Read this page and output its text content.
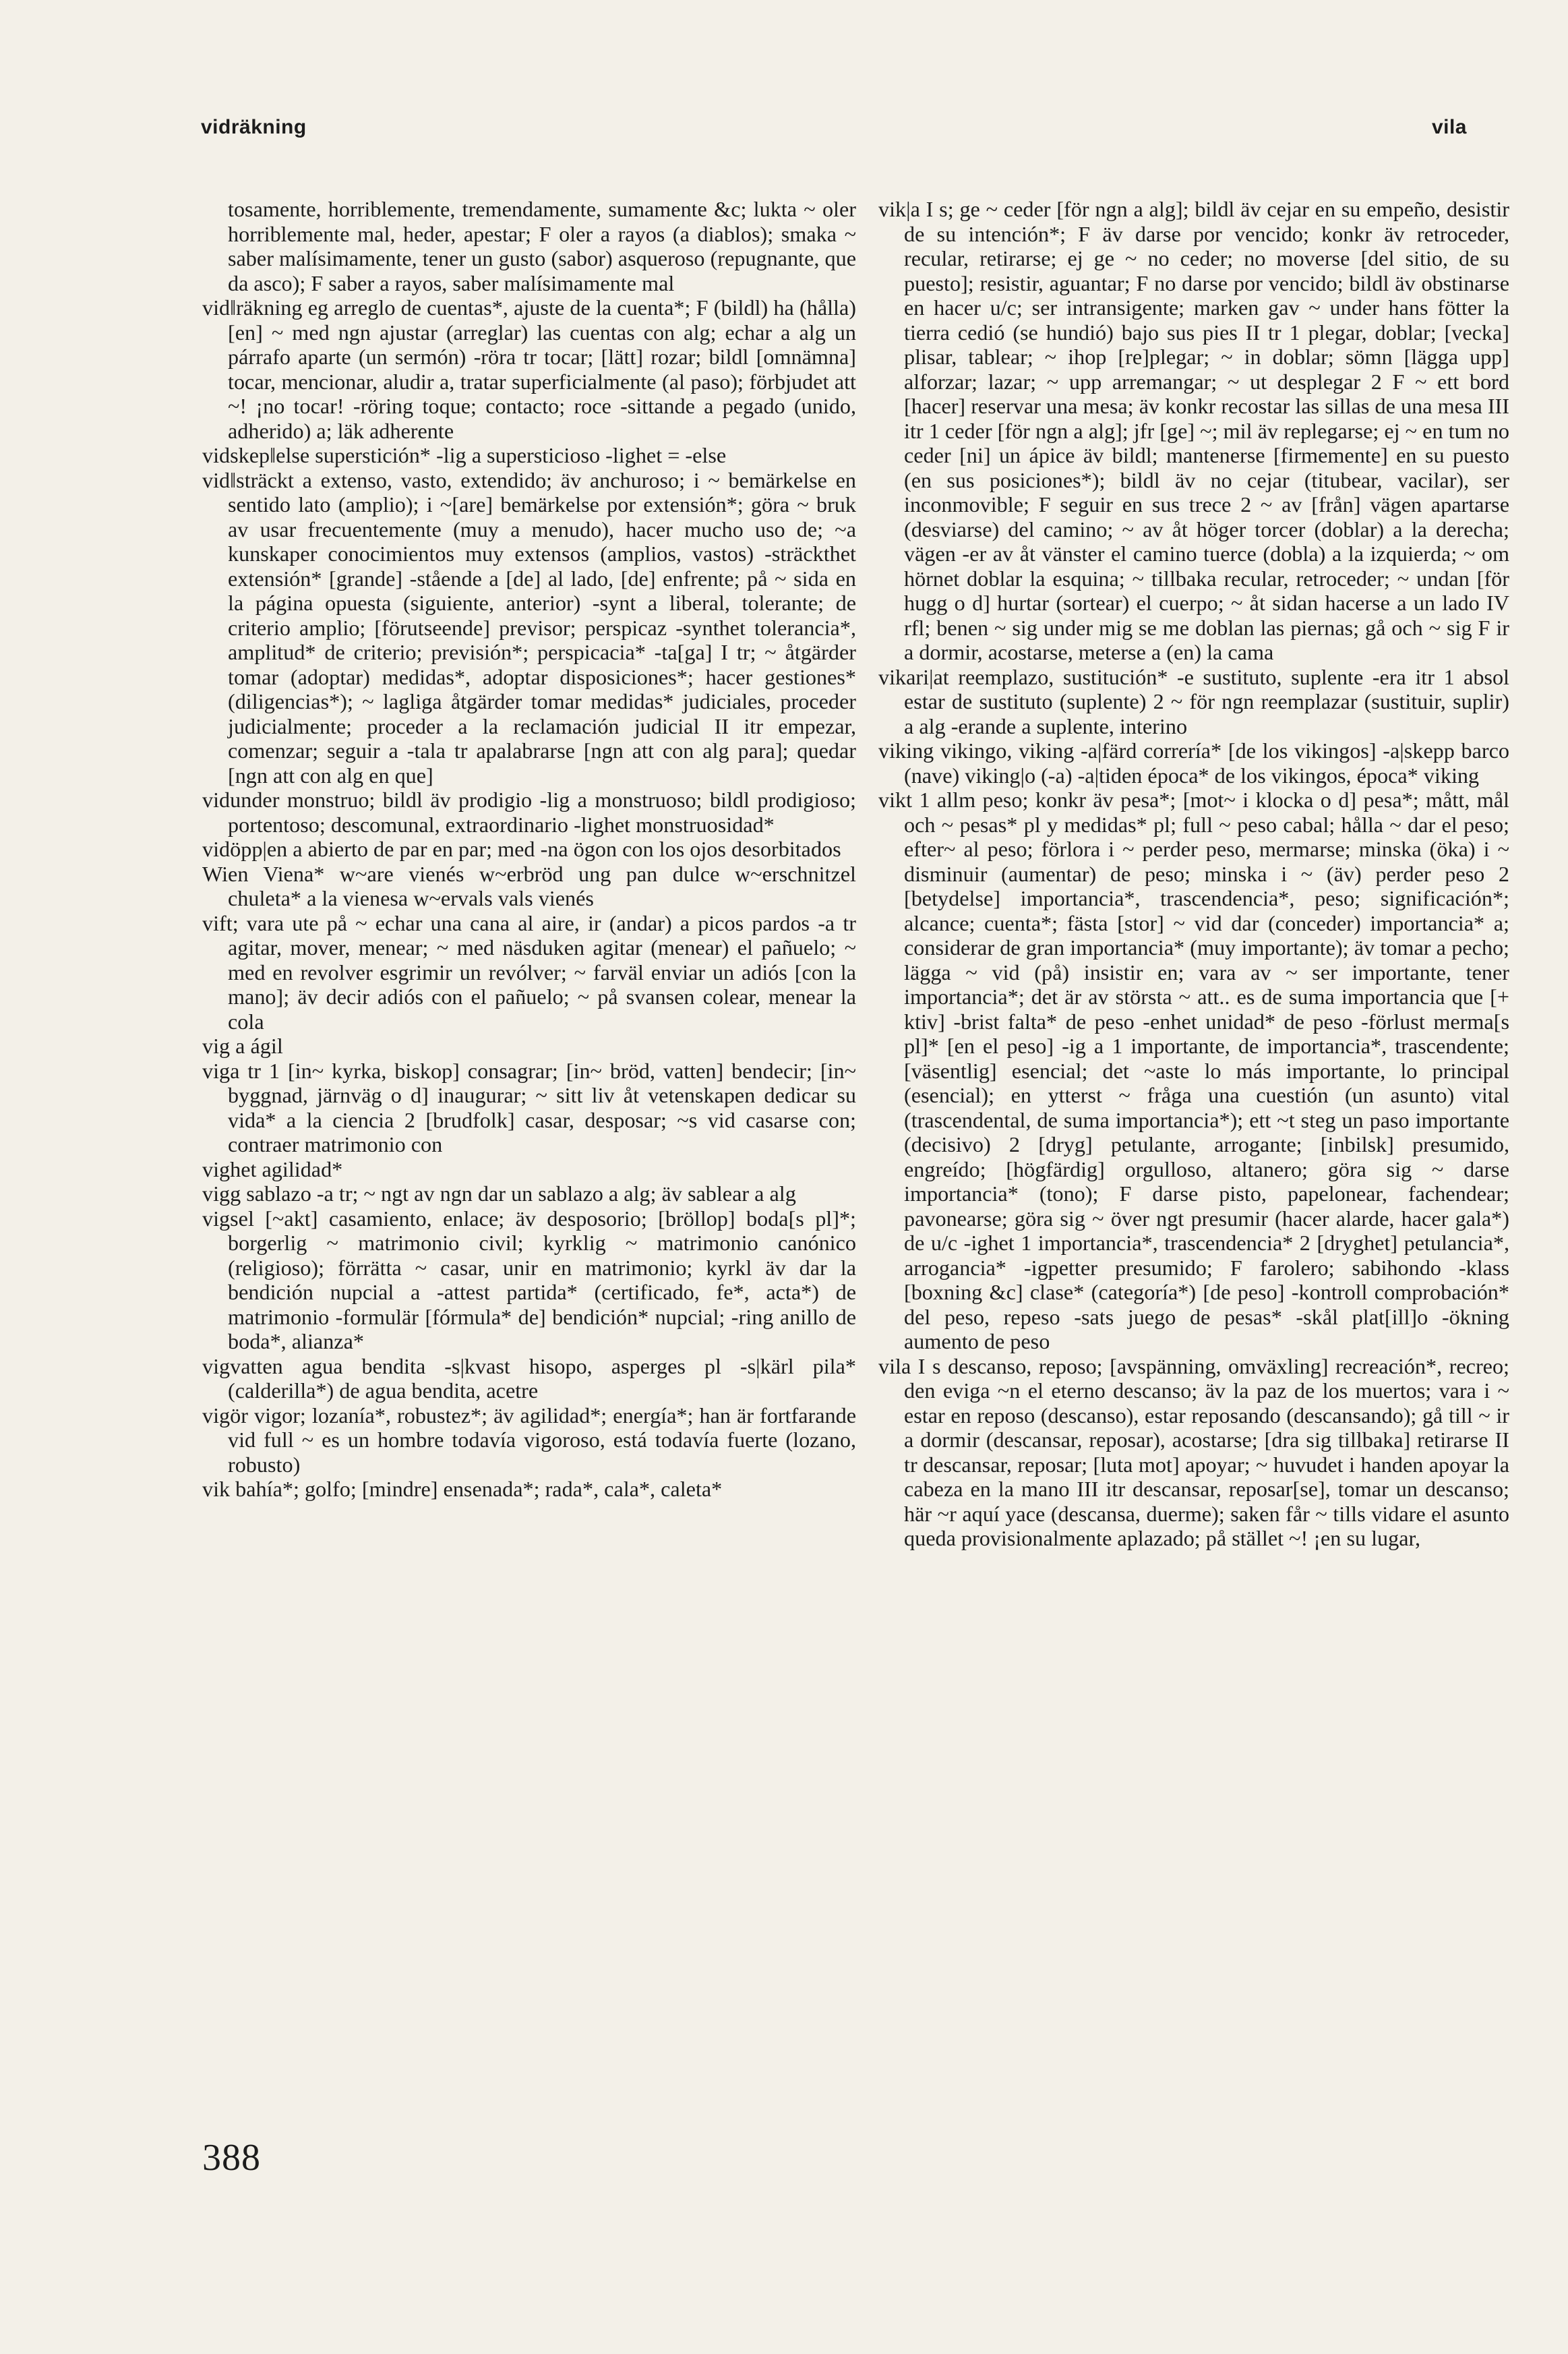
vidräkning	vila

tosamente, horriblemente, tremendamente, sumamente &c; lukta ~ oler horriblemente mal, heder, apestar; F oler a rayos (a diablos); smaka ~ saber malísimamente, tener un gusto (sabor) asqueroso (repugnante, que da asco); F saber a rayos, saber malísimamente mal

vid‖räkning eg arreglo de cuentas*, ajuste de la cuenta*; F (bildl) ha (hålla) [en] ~ med ngn ajustar (arreglar) las cuentas con alg; echar a alg un párrafo aparte (un sermón) -röra tr tocar; [lätt] rozar; bildl [omnämna] tocar, mencionar, aludir a, tratar superficialmente (al paso); förbjudet att ~! ¡no tocar! -röring toque; contacto; roce -sittande a pegado (unido, adherido) a; läk adherente

vidskep‖else superstición* -lig a supersticioso -lighet = -else

vid‖sträckt a extenso, vasto, extendido; äv anchuroso; i ~ bemärkelse en sentido lato (amplio); i ~[are] bemärkelse por extensión*; göra ~ bruk av usar frecuentemente (muy a menudo), hacer mucho uso de; ~a kunskaper conocimientos muy extensos (amplios, vastos) -sträckthet extensión* [grande] -stående a [de] al lado, [de] enfrente; på ~ sida en la página opuesta (siguiente, anterior) -synt a liberal, tolerante; de criterio amplio; [förutseende] previsor; perspicaz -synthet tolerancia*, amplitud* de criterio; previsión*; perspicacia* -ta[ga] I tr; ~ åtgärder tomar (adoptar) medidas*, adoptar disposiciones*; hacer gestiones* (diligencias*); ~ lagliga åtgärder tomar medidas* judiciales, proceder judicialmente; proceder a la reclamación judicial II itr empezar, comenzar; seguir a -tala tr apalabrarse [ngn att con alg para]; quedar [ngn att con alg en que]

vidunder monstruo; bildl äv prodigio -lig a monstruoso; bildl prodigioso; portentoso; descomunal, extraordinario -lighet monstruosidad*

vidöpp|en a abierto de par en par; med -na ögon con los ojos desorbitados

Wien Viena* w~are vienés w~erbröd ung pan dulce w~erschnitzel chuleta* a la vienesa w~ervals vals vienés

vift; vara ute på ~ echar una cana al aire, ir (andar) a picos pardos -a tr agitar, mover, menear; ~ med näsduken agitar (menear) el pañuelo; ~ med en revolver esgrimir un revólver; ~ farväl enviar un adiós [con la mano]; äv decir adiós con el pañuelo; ~ på svansen colear, menear la cola

vig a ágil

viga tr 1 [in~ kyrka, biskop] consagrar; [in~ bröd, vatten] bendecir; [in~ byggnad, järnväg o d] inaugurar; ~ sitt liv åt vetenskapen dedicar su vida* a la ciencia 2 [brudfolk] casar, desposar; ~s vid casarse con; contraer matrimonio con

vighet agilidad*

vigg sablazo -a tr; ~ ngt av ngn dar un sablazo a alg; äv sablear a alg

vigsel [~akt] casamiento, enlace; äv desposorio; [bröllop] boda[s pl]*; borgerlig ~ matrimonio civil; kyrklig ~ matrimonio canónico (religioso); förrätta ~ casar, unir en matrimonio; kyrkl äv dar la bendición nupcial a -attest partida* (certificado, fe*, acta*) de matrimonio -formulär [fórmula* de] bendición* nupcial; -ring anillo de boda*, alianza*

vigvatten agua bendita -s|kvast hisopo, asperges pl -s|kärl pila* (calderilla*) de agua bendita, acetre

vigör vigor; lozanía*, robustez*; äv agilidad*; energía*; han är fortfarande vid full ~ es un hombre todavía vigoroso, está todavía fuerte (lozano, robusto)

vik bahía*; golfo; [mindre] ensenada*; rada*, cala*, caleta*

vik|a I s; ge ~ ceder [för ngn a alg]; bildl äv cejar en su empeño, desistir de su intención*; F äv darse por vencido; konkr äv retroceder, recular, retirarse; ej ge ~ no ceder; no moverse [del sitio, de su puesto]; resistir, aguantar; F no darse por vencido; bildl äv obstinarse en hacer u/c; ser intransigente; marken gav ~ under hans fötter la tierra cedió (se hundió) bajo sus pies II tr 1 plegar, doblar; [vecka] plisar, tablear; ~ ihop [re]plegar; ~ in doblar; sömn [lägga upp] alforzar; lazar; ~ upp arremangar; ~ ut desplegar 2 F ~ ett bord [hacer] reservar una mesa; äv konkr recostar las sillas de una mesa III itr 1 ceder [för ngn a alg]; jfr [ge] ~; mil äv replegarse; ej ~ en tum no ceder [ni] un ápice äv bildl; mantenerse [firmemente] en su puesto (en sus posiciones*); bildl äv no cejar (titubear, vacilar), ser inconmovible; F seguir en sus trece 2 ~ av [från] vägen apartarse (desviarse) del camino; ~ av åt höger torcer (doblar) a la derecha; vägen -er av åt vänster el camino tuerce (dobla) a la izquierda; ~ om hörnet doblar la esquina; ~ tillbaka recular, retroceder; ~ undan [för hugg o d] hurtar (sortear) el cuerpo; ~ åt sidan hacerse a un lado IV rfl; benen ~ sig under mig se me doblan las piernas; gå och ~ sig F ir a dormir, acostarse, meterse a (en) la cama

vikari|at reemplazo, sustitución* -e sustituto, suplente -era itr 1 absol estar de sustituto (suplente) 2 ~ för ngn reemplazar (sustituir, suplir) a alg -erande a suplente, interino

viking vikingo, viking -a|färd correría* [de los vikingos] -a|skepp barco (nave) viking|o (-a) -a|tiden época* de los vikingos, época* viking

vikt 1 allm peso; konkr äv pesa*; [mot~ i klocka o d] pesa*; mått, mål och ~ pesas* pl y medidas* pl; full ~ peso cabal; hålla ~ dar el peso; efter~ al peso; förlora i ~ perder peso, mermarse; minska (öka) i ~ disminuir (aumentar) de peso; minska i ~ (äv) perder peso 2 [betydelse] importancia*, trascendencia*, peso; significación*; alcance; cuenta*; fästa [stor] ~ vid dar (conceder) importancia* a; considerar de gran importancia* (muy importante); äv tomar a pecho; lägga ~ vid (på) insistir en; vara av ~ ser importante, tener importancia*; det är av största ~ att.. es de suma importancia que [+ ktiv] -brist falta* de peso -enhet unidad* de peso -förlust merma[s pl]* [en el peso] -ig a 1 importante, de importancia*, trascendente; [väsentlig] esencial; det ~aste lo más importante, lo principal (esencial); en ytterst ~ fråga una cuestión (un asunto) vital (trascendental, de suma importancia*); ett ~t steg un paso importante (decisivo) 2 [dryg] petulante, arrogante; [inbilsk] presumido, engreído; [högfärdig] orgulloso, altanero; göra sig ~ darse importancia* (tono); F darse pisto, papelonear, fachendear; pavonearse; göra sig ~ över ngt presumir (hacer alarde, hacer gala*) de u/c -ighet 1 importancia*, trascendencia* 2 [dryghet] petulancia*, arrogancia* -igpetter presumido; F farolero; sabihondo -klass [boxning &c] clase* (categoría*) [de peso] -kontroll comprobación* del peso, repeso -sats juego de pesas* -skål plat[ill]o -ökning aumento de peso

vila I s descanso, reposo; [avspänning, omväxling] recreación*, recreo; den eviga ~n el eterno descanso; äv la paz de los muertos; vara i ~ estar en reposo (descanso), estar reposando (descansando); gå till ~ ir a dormir (descansar, reposar), acostarse; [dra sig tillbaka] retirarse II tr descansar, reposar; [luta mot] apoyar; ~ huvudet i handen apoyar la cabeza en la mano III itr descansar, reposar[se], tomar un descanso; här ~r aquí yace (descansa, duerme); saken får ~ tills vidare el asunto queda provisionalmente aplazado; på stället ~! ¡en su lugar,

388
